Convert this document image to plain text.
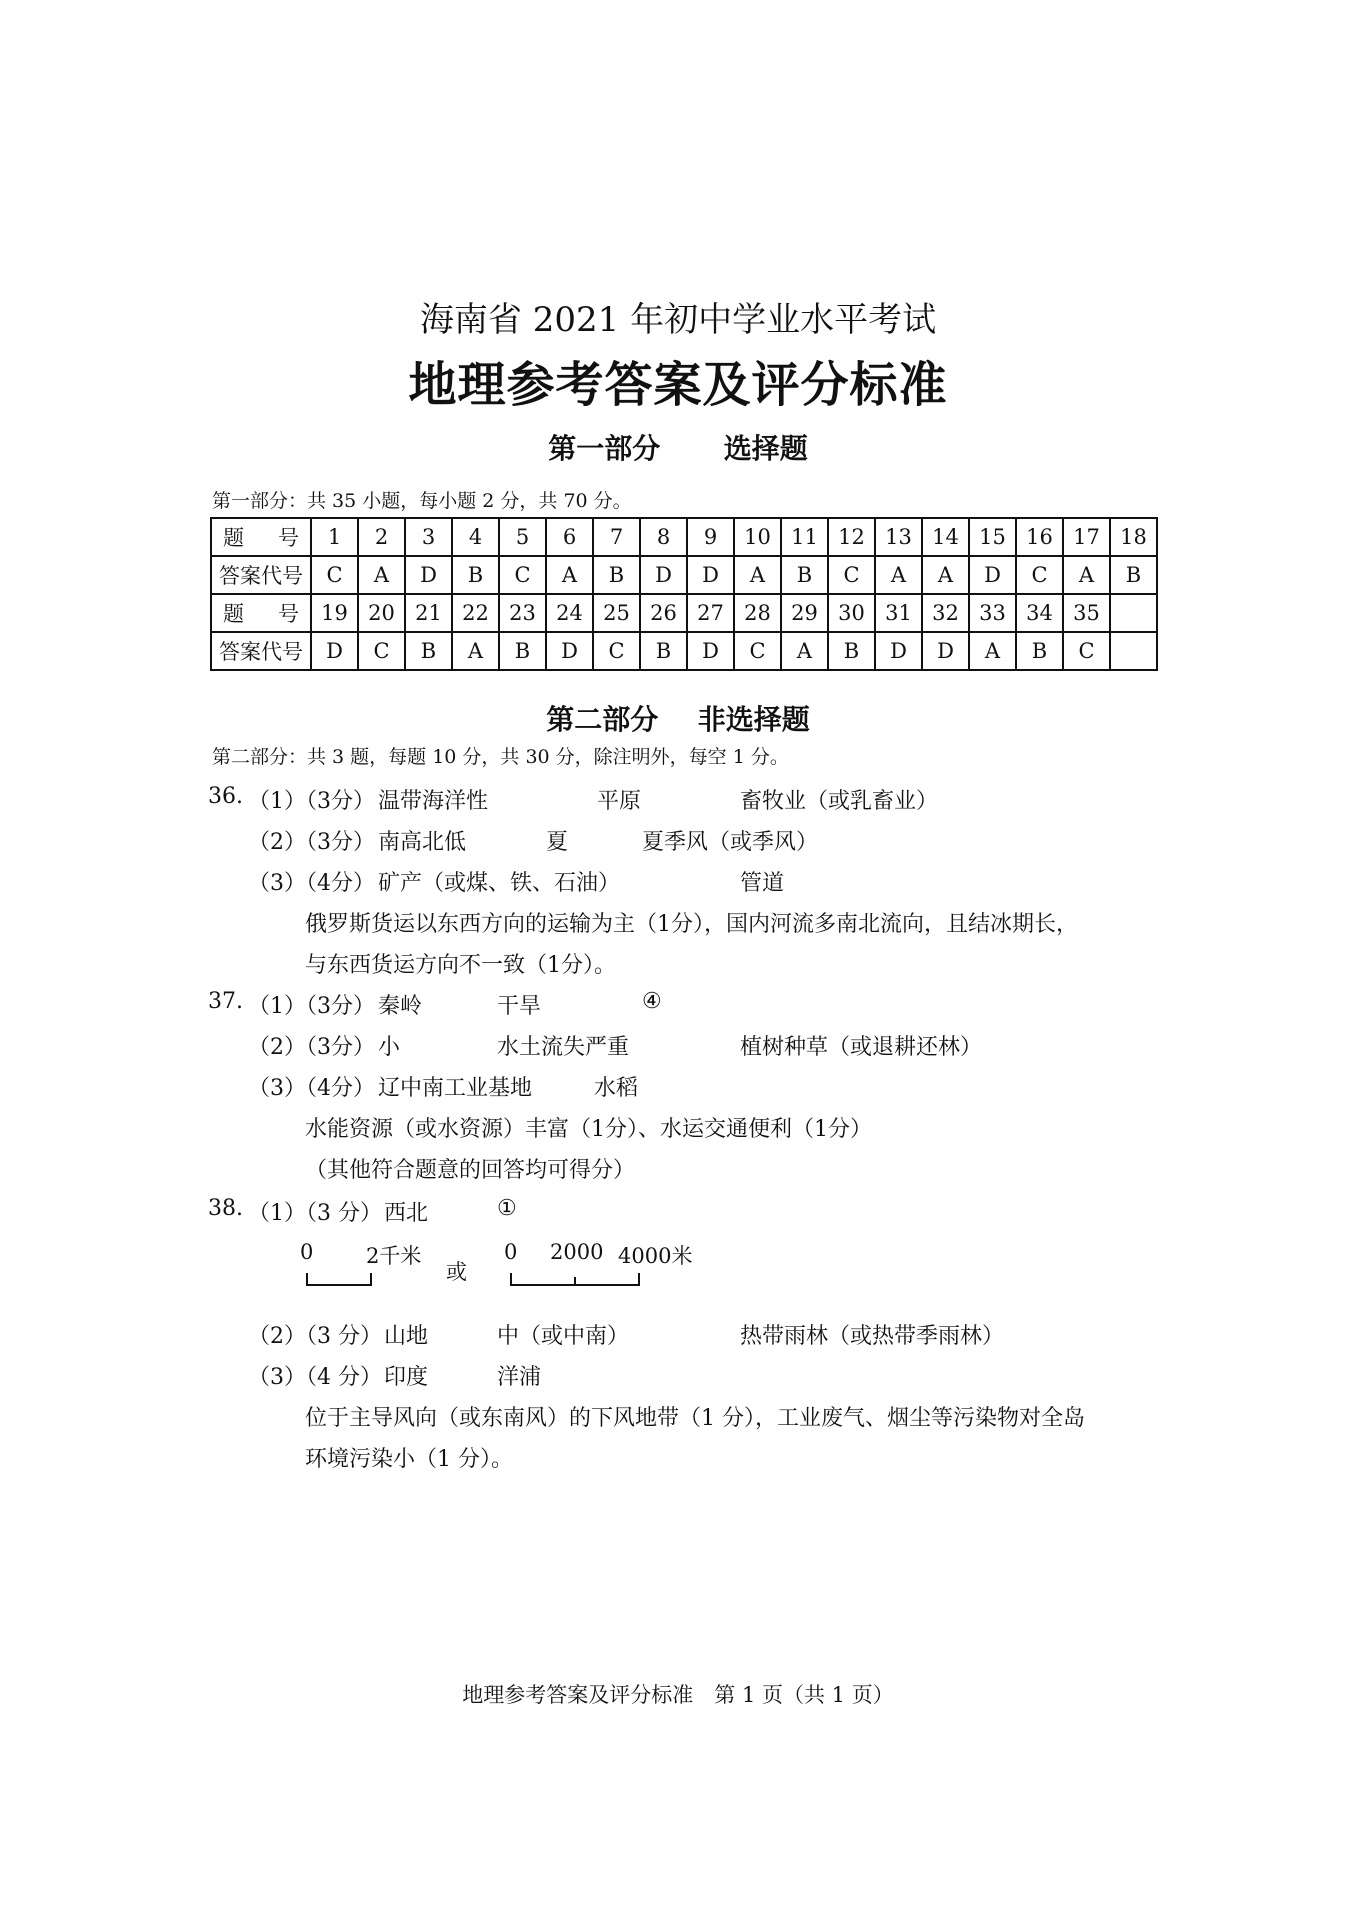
海南省 2021 年初中学业水平考试
地理参考答案及评分标准
第一部分 选择题
第一部分：共 35 小题，每小题 2 分，共 70 分。
题 号	1	2	3	4	5	6	7	8	9	10	11	12	13	14	15	16	17	18
答案代号	C	A	D	B	C	A	B	D	D	A	B	C	A	A	D	C	A	B
题 号	19	20	21	22	23	24	25	26	27	28	29	30	31	32	33	34	35	
答案代号	D	C	B	A	B	D	C	B	D	C	A	B	D	D	A	B	C	
第二部分 非选择题
第二部分：共 3 题，每题 10 分，共 30 分，除注明外，每空 1 分。
36. （1）（3分） 温带海洋性	平原	畜牧业（或乳畜业）
（2）（3分） 南高北低	夏	夏季风（或季风）
（3）（4分） 矿产（或煤、铁、石油）	管道
俄罗斯货运以东西方向的运输为主（1分），国内河流多南北流向，且结冰期长，
与东西货运方向不一致（1分）。
37. （1）（3分） 秦岭	干旱	④
（2）（3分） 小	水土流失严重	植树种草（或退耕还林）
（3）（4分） 辽中南工业基地	水稻
水能资源（或水资源）丰富（1分）、水运交通便利（1分）
（其他符合题意的回答均可得分）
38. （1）（3 分） 西北	①
0	2千米
或
0 2000 4000米
（2）（3 分） 山地	中（或中南）	热带雨林（或热带季雨林）
（3）（4 分） 印度	洋浦
位于主导风向（或东南风）的下风地带（1 分），工业废气、烟尘等污染物对全岛
环境污染小（1 分）。
地理参考答案及评分标准　第 1 页（共 1 页）
